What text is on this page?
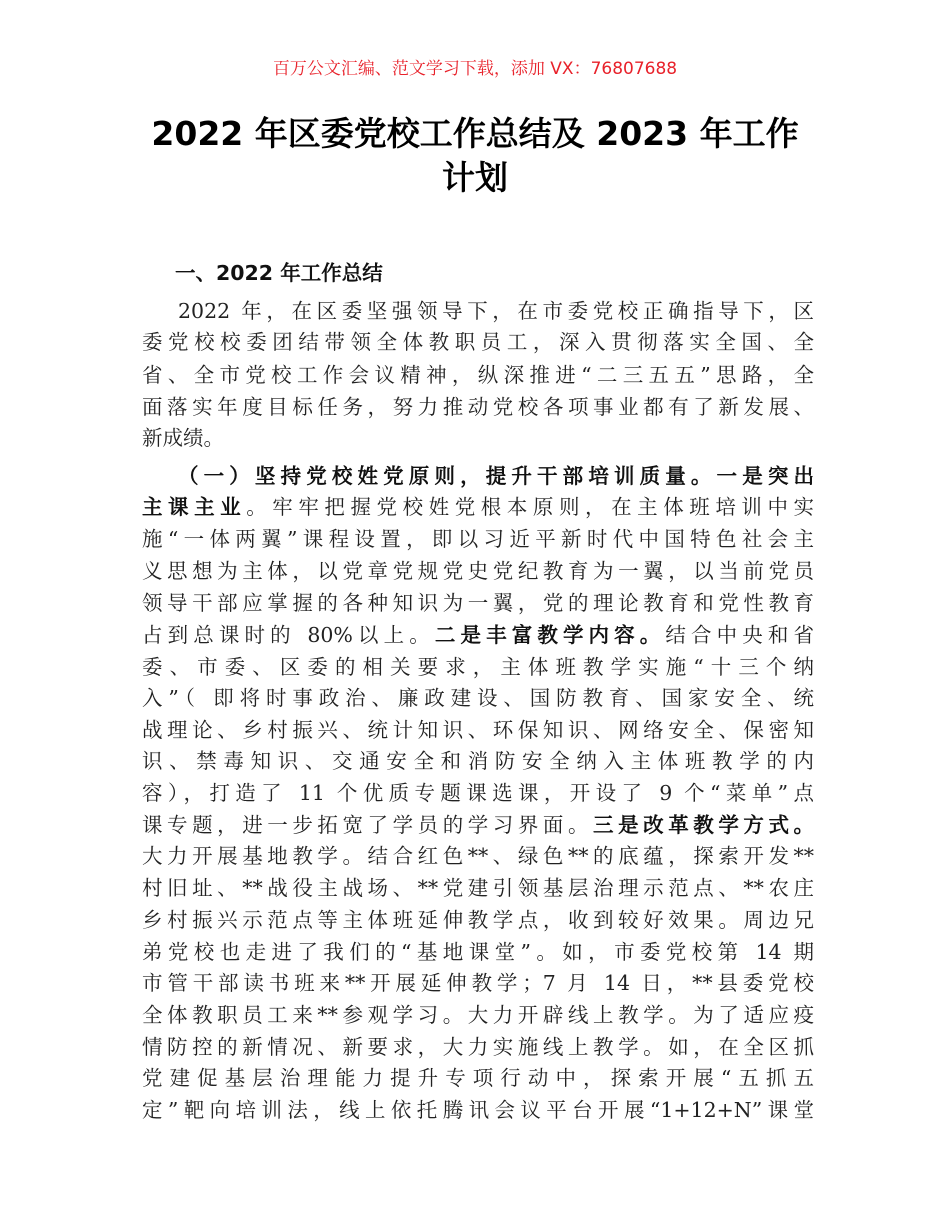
百万公文汇编、范文学习下载，添加 VX：76807688
2022 年区委党校工作总结及 2023 年工作
计划
一、2022 年工作总结
2022 年，在区委坚强领导下，在市委党校正确指导下，区
委党校校委团结带领全体教职员工，深入贯彻落实全国、全
省、全市党校工作会议精神，纵深推进“二三五五”思路，全
面落实年度目标任务，努力推动党校各项事业都有了新发展、
新成绩。
（一）坚持党校姓党原则，提升干部培训质量。一是突出
主课主业。牢牢把握党校姓党根本原则，在主体班培训中实
施“一体两翼”课程设置，即以习近平新时代中国特色社会主
义思想为主体，以党章党规党史党纪教育为一翼，以当前党员
领导干部应掌握的各种知识为一翼，党的理论教育和党性教育
占到总课时的 80%以上。二是丰富教学内容。结合中央和省
委、市委、区委的相关要求，主体班教学实施“十三个纳
入”（ 即将时事政治、廉政建设、国防教育、国家安全、统
战理论、乡村振兴、统计知识、环保知识、网络安全、保密知
识、禁毒知识、交通安全和消防安全纳入主体班教学的内
容），打造了 11 个优质专题课选课，开设了 9 个“菜单”点
课专题，进一步拓宽了学员的学习界面。三是改革教学方式。
大力开展基地教学。结合红色**、绿色**的底蕴，探索开发**
村旧址、**战役主战场、**党建引领基层治理示范点、**农庄
乡村振兴示范点等主体班延伸教学点，收到较好效果。周边兄
弟党校也走进了我们的“基地课堂”。如，市委党校第 14 期
市管干部读书班来**开展延伸教学；7 月 14 日，**县委党校
全体教职员工来**参观学习。大力开辟线上教学。为了适应疫
情防控的新情况、新要求，大力实施线上教学。如，在全区抓
党建促基层治理能力提升专项行动中，探索开展“五抓五
定”靶向培训法，线上依托腾讯会议平台开展“1+12+N”课堂
